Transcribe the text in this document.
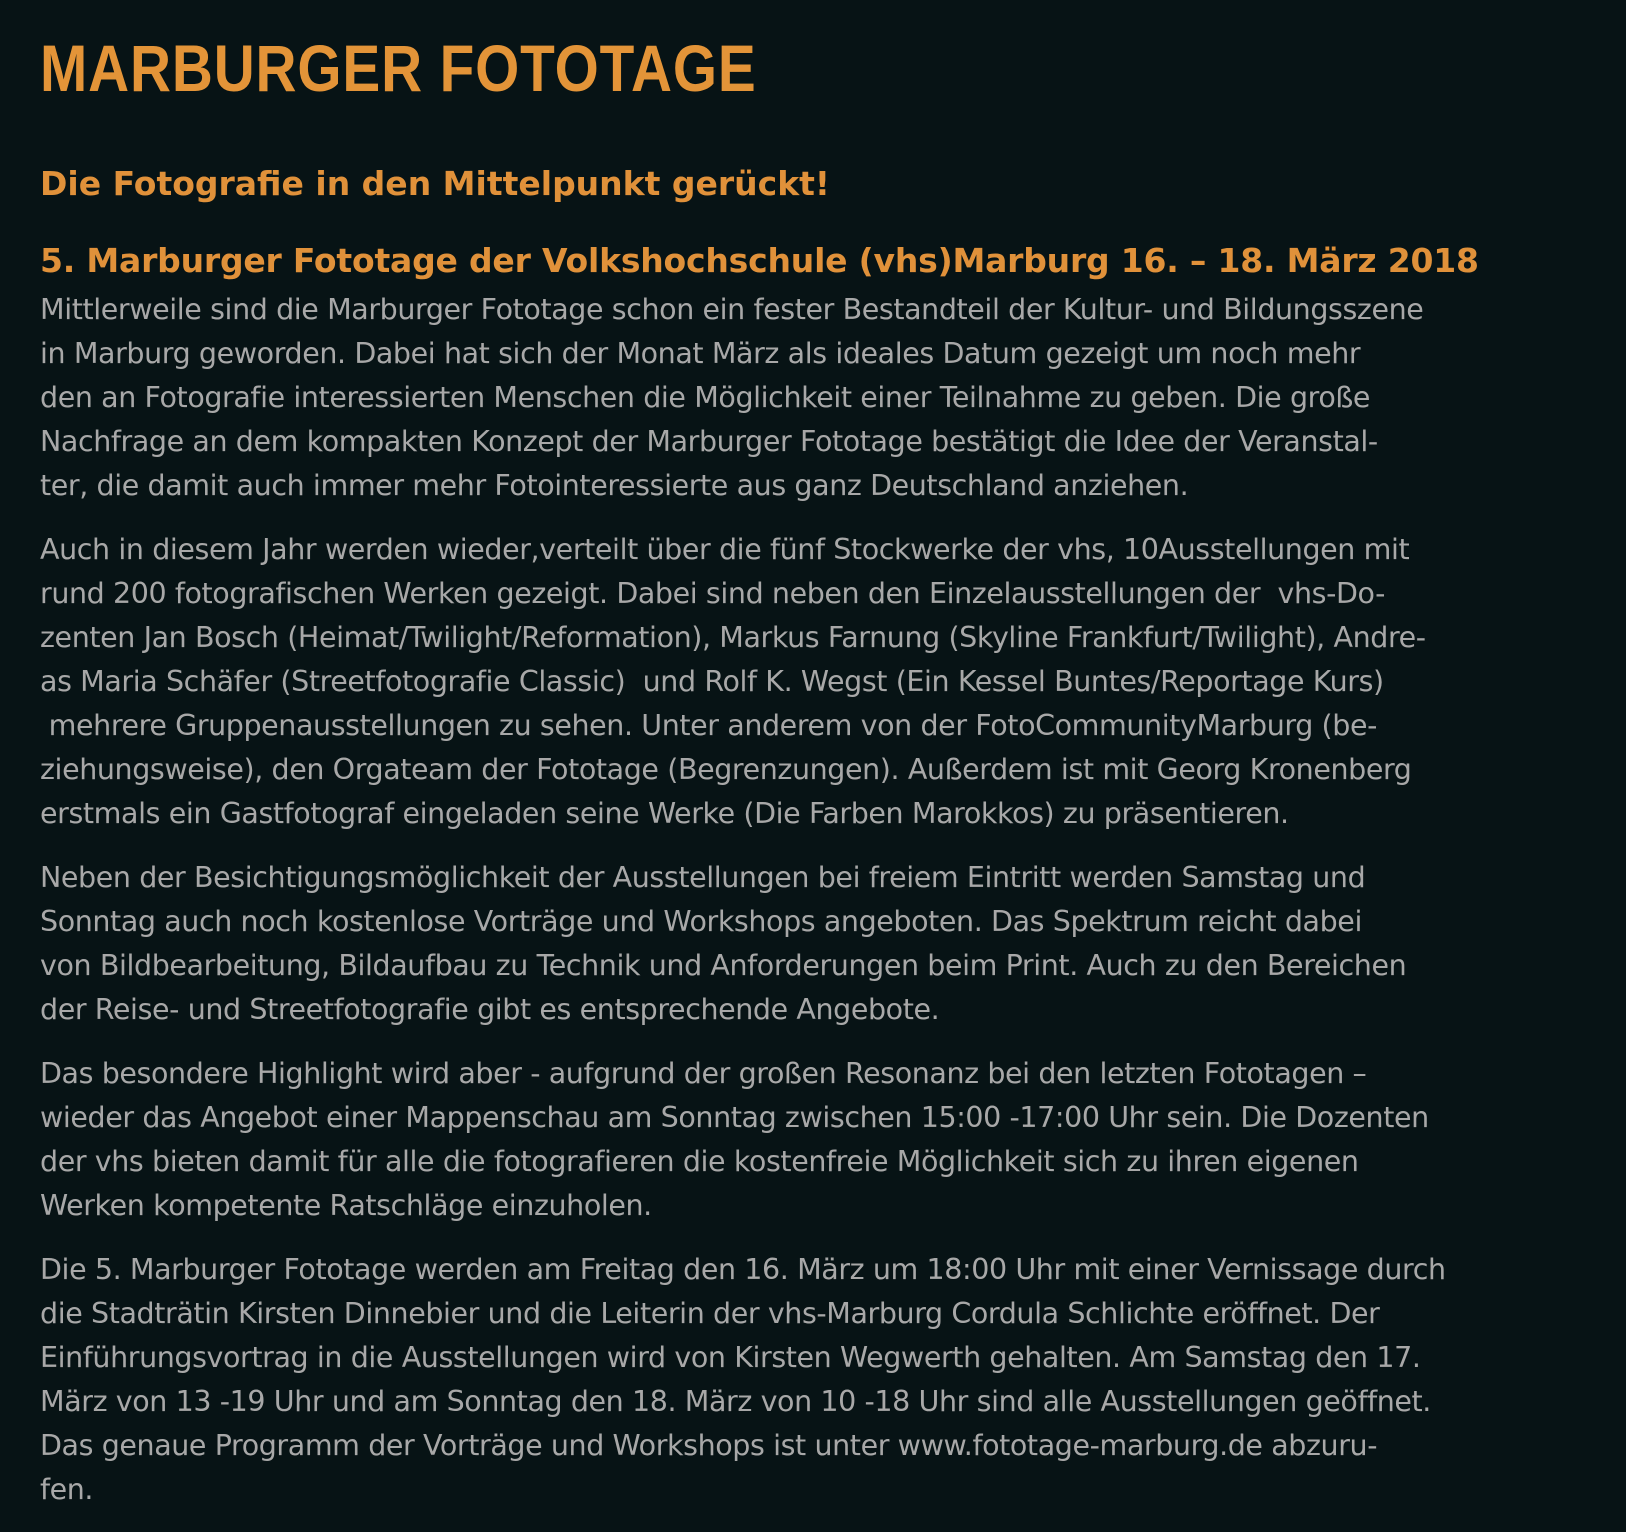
MARBURGER FOTOTAGE
Die Fotografie in den Mittelpunkt gerückt!
5. Marburger Fototage der Volkshochschule (vhs)Marburg 16. – 18. März 2018

Mittlerweile sind die Marburger Fototage schon ein fester Bestandteil der Kultur- und Bildungsszene
in Marburg geworden. Dabei hat sich der Monat März als ideales Datum gezeigt um noch mehr
den an Fotografie interessierten Menschen die Möglichkeit einer Teilnahme zu geben. Die große
Nachfrage an dem kompakten Konzept der Marburger Fototage bestätigt die Idee der Veranstal-
ter, die damit auch immer mehr Fotointeressierte aus ganz Deutschland anziehen.

Auch in diesem Jahr werden wieder,verteilt über die fünf Stockwerke der vhs, 10Ausstellungen mit
rund 200 fotografischen Werken gezeigt. Dabei sind neben den Einzelausstellungen der  vhs-Do-
zenten Jan Bosch (Heimat/Twilight/Reformation), Markus Farnung (Skyline Frankfurt/Twilight), Andre-
as Maria Schäfer (Streetfotografie Classic)  und Rolf K. Wegst (Ein Kessel Buntes/Reportage Kurs)
mehrere Gruppenausstellungen zu sehen. Unter anderem von der FotoCommunityMarburg (be-
ziehungsweise), den Orgateam der Fototage (Begrenzungen). Außerdem ist mit Georg Kronenberg
erstmals ein Gastfotograf eingeladen seine Werke (Die Farben Marokkos) zu präsentieren.

Neben der Besichtigungsmöglichkeit der Ausstellungen bei freiem Eintritt werden Samstag und
Sonntag auch noch kostenlose Vorträge und Workshops angeboten. Das Spektrum reicht dabei
von Bildbearbeitung, Bildaufbau zu Technik und Anforderungen beim Print. Auch zu den Bereichen
der Reise- und Streetfotografie gibt es entsprechende Angebote.

Das besondere Highlight wird aber - aufgrund der großen Resonanz bei den letzten Fototagen –
wieder das Angebot einer Mappenschau am Sonntag zwischen 15:00 -17:00 Uhr sein. Die Dozenten
der vhs bieten damit für alle die fotografieren die kostenfreie Möglichkeit sich zu ihren eigenen
Werken kompetente Ratschläge einzuholen.

Die 5. Marburger Fototage werden am Freitag den 16. März um 18:00 Uhr mit einer Vernissage durch
die Stadträtin Kirsten Dinnebier und die Leiterin der vhs-Marburg Cordula Schlichte eröffnet. Der
Einführungsvortrag in die Ausstellungen wird von Kirsten Wegwerth gehalten. Am Samstag den 17.
März von 13 -19 Uhr und am Sonntag den 18. März von 10 -18 Uhr sind alle Ausstellungen geöffnet.
Das genaue Programm der Vorträge und Workshops ist unter www.fototage-marburg.de abzuru-
fen.
